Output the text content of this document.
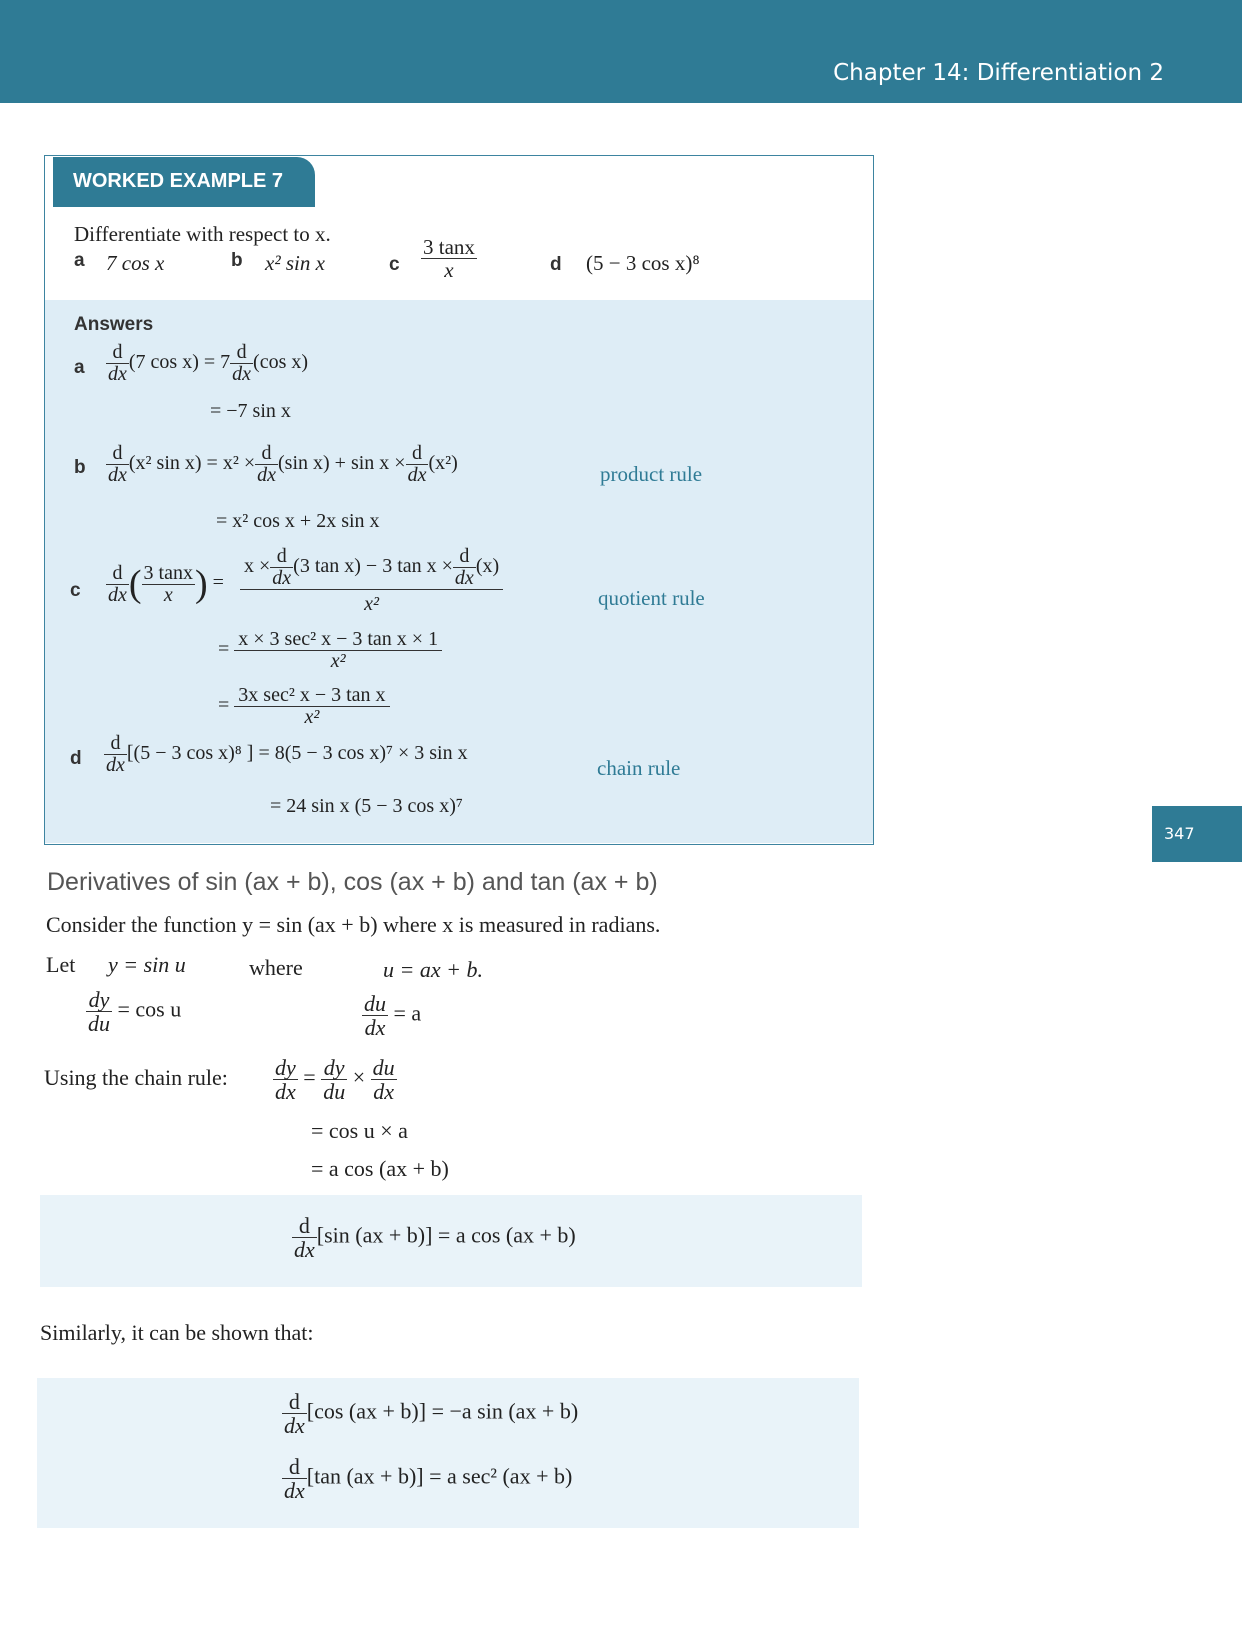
Chapter 14: Differentiation 2
347
WORKED EXAMPLE 7
Differentiate with respect to x.
a 7 cos x	b x² sin x	c $\frac{3 \tan x}{x}$	d (5 − 3 cos x)⁸
Answers
a $\frac{d}{dx} (7$ $\cos x) = 7 \frac{d}{dx} (\cos$ x)
= −7 sin x
b $\frac{d}{dx} (x^2$ $\sin x) = x^2 \times \frac{d}{dx} (\sin$ $x) + \sin x \times \frac{d}{dx} (x^2)$	product rule
= x² cos x + 2x sin x
c $\frac{d}{dx}$ ( $\frac{3 \tan x}{x}$ ) =
$x \times \frac{d}{dx} (3$ tan x) − 3 $\tan x \times \frac{d}{dx} (x)$
x²	quotient rule
= $\frac{\text{x × 3 sec² x − 3 tan x × 1}}{\text{x²}}$
= $\frac{\text{3x sec² x − 3 tan x}}{\text{x²}}$
d $\frac{d}{dx} [(5 - 3$ cos x)⁸ ] = 8(5 − 3 cos x)⁷ × 3 sin x
chain rule
= 24 sin x (5 − 3 cos x)⁷
Derivatives of sin (ax + b), cos (ax + b) and tan (ax + b)
Consider the function y = sin (ax + b) where x is measured in radians.
Let y = sin u	where	u = ax + b.
$\frac{dy}{du} = \cos u$	$\frac{du}{dx} = a$
Using the chain rule: $\frac{dy}{dx} = \frac{dy}{du} \times \frac{du}{dx}$
= cos u × a
= a cos (ax + b)
$\frac{d}{dx} [\sin$ (ax + b)] = a cos (ax + b)
Similarly, it can be shown that:
$\frac{d}{dx} [\cos$ (ax + b)] = −a sin (ax + b)
$\frac{d}{dx} [\tan$ (ax + b)] = a sec² (ax + b)
